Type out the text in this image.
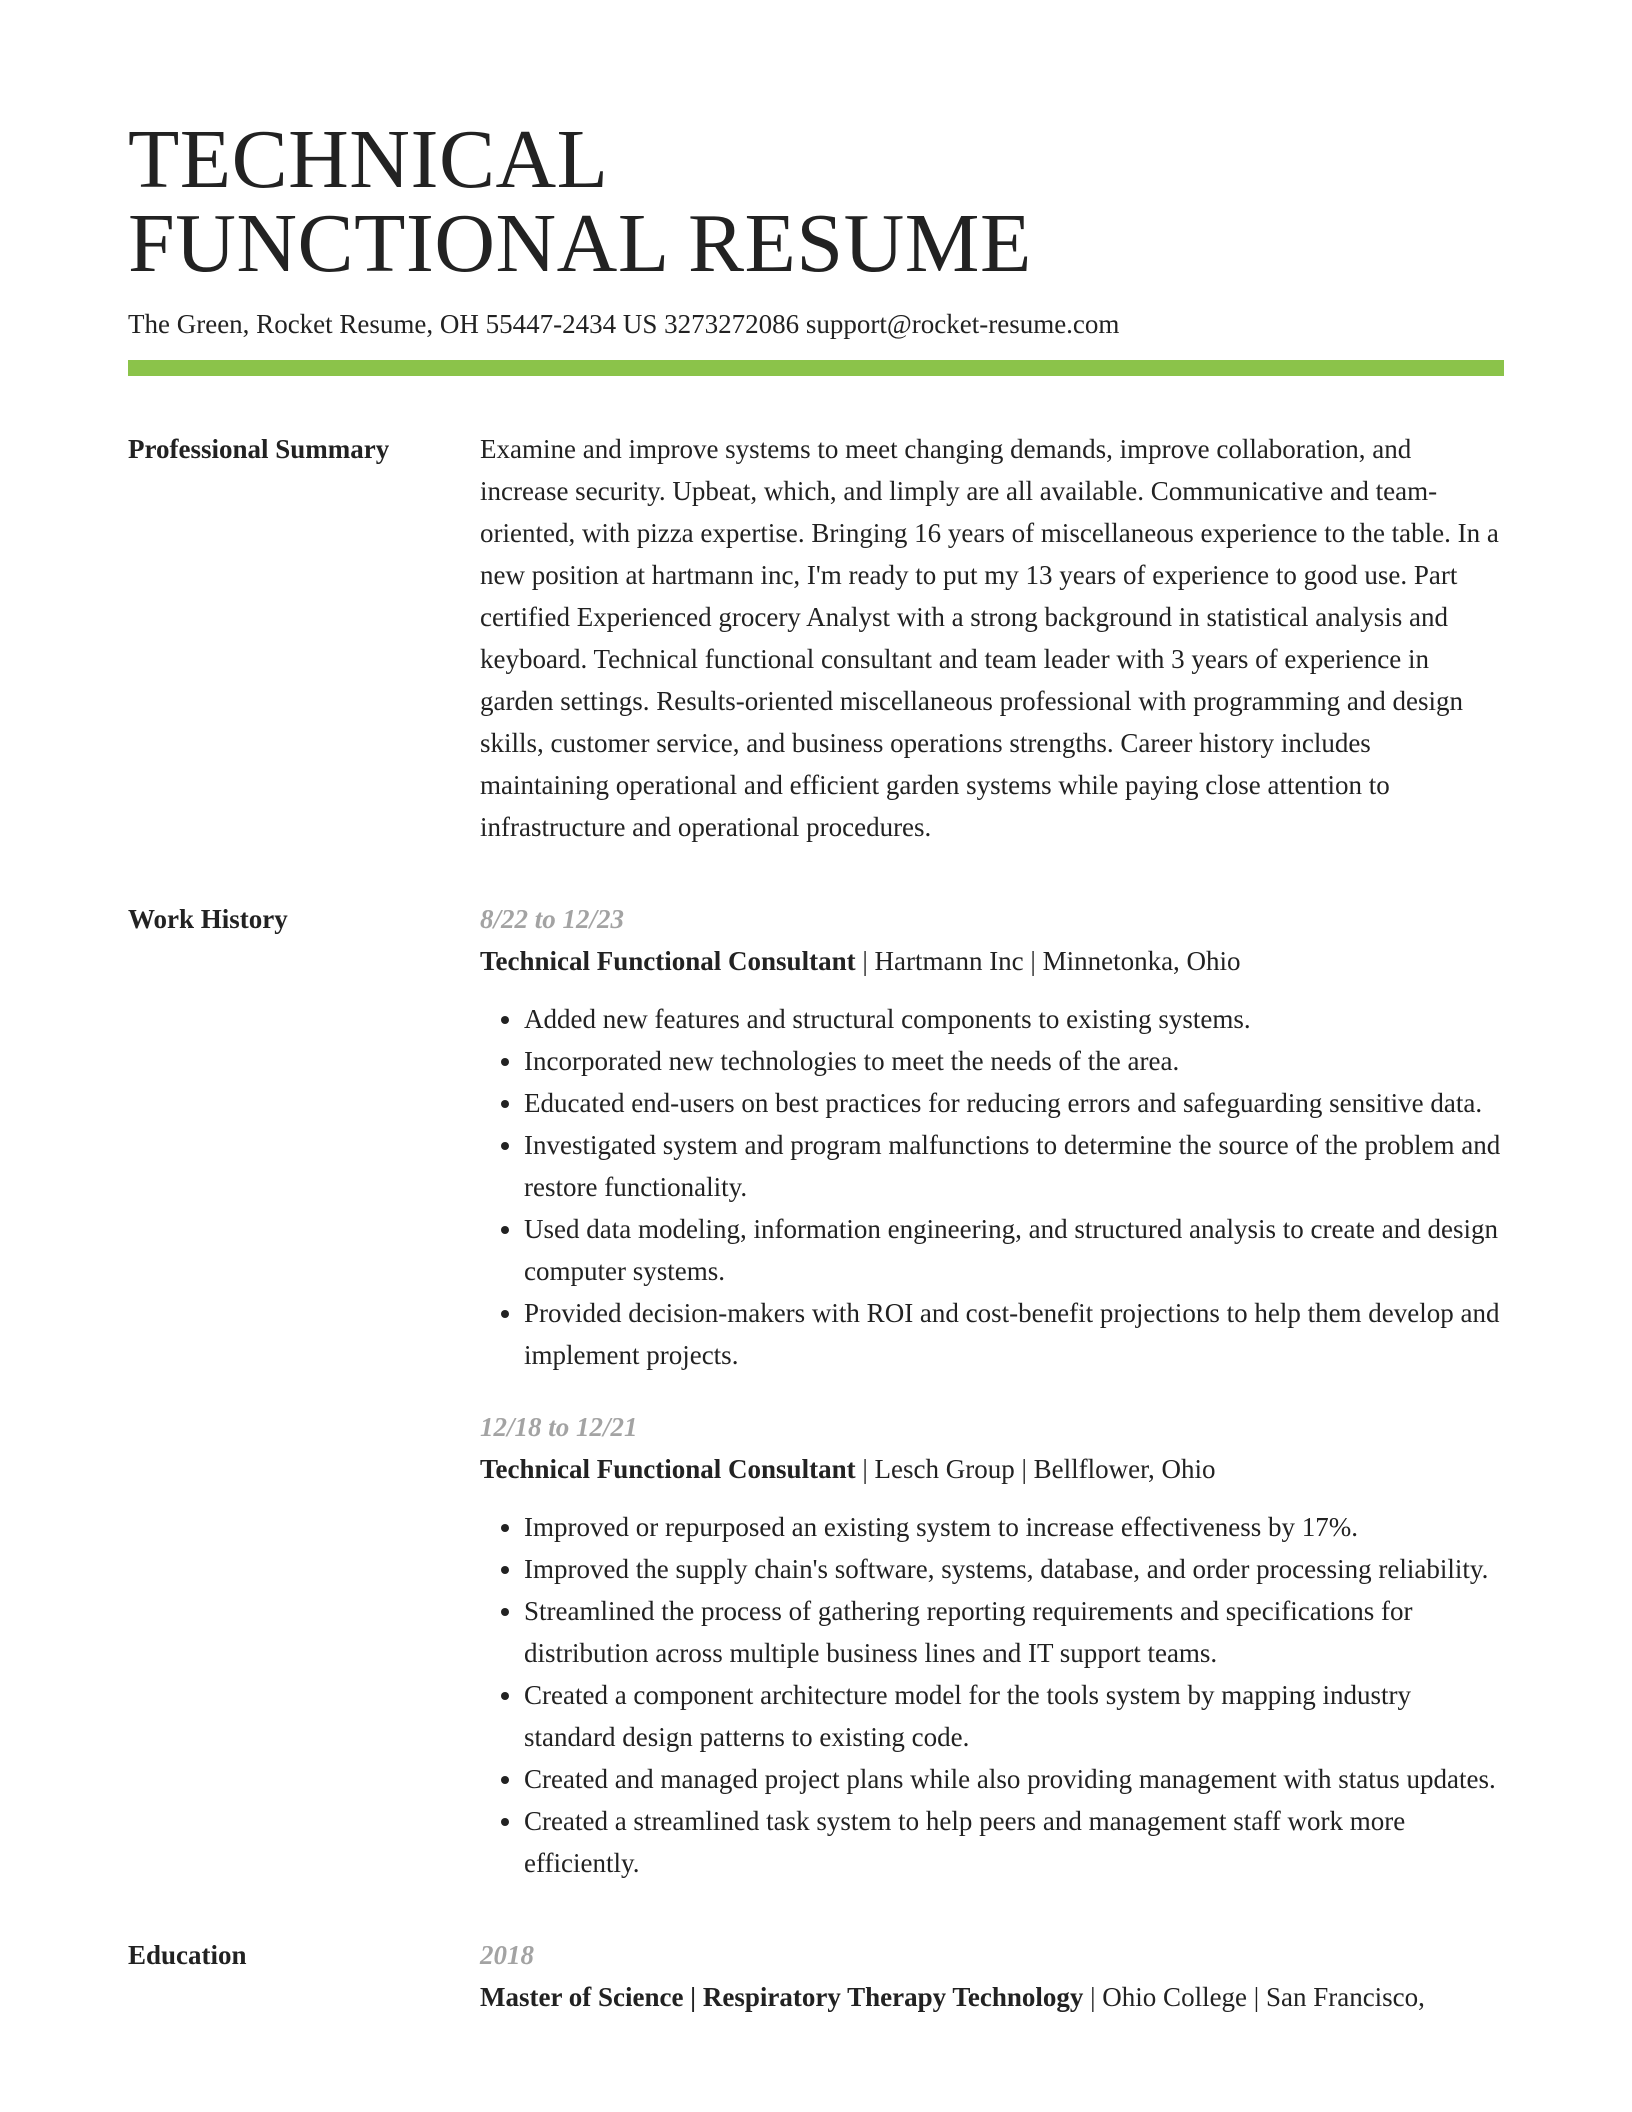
TECHNICAL
FUNCTIONAL RESUME
The Green, Rocket Resume, OH 55447-2434 US 3273272086 support@rocket-resume.com
Professional Summary	Examine and improve systems to meet changing demands, improve collaboration, and increase security. Upbeat, which, and limply are all available. Communicative and team-oriented, with pizza expertise. Bringing 16 years of miscellaneous experience to the table. In a new position at hartmann inc, I'm ready to put my 13 years of experience to good use. Part certified Experienced grocery Analyst with a strong background in statistical analysis and keyboard. Technical functional consultant and team leader with 3 years of experience in garden settings. Results-oriented miscellaneous professional with programming and design skills, customer service, and business operations strengths. Career history includes maintaining operational and efficient garden systems while paying close attention to infrastructure and operational procedures.

Work History	8/22 to 12/23
Technical Functional Consultant | Hartmann Inc | Minnetonka, Ohio
• Added new features and structural components to existing systems.
• Incorporated new technologies to meet the needs of the area.
• Educated end-users on best practices for reducing errors and safeguarding sensitive data.
• Investigated system and program malfunctions to determine the source of the problem and restore functionality.
• Used data modeling, information engineering, and structured analysis to create and design computer systems.
• Provided decision-makers with ROI and cost-benefit projections to help them develop and implement projects.
12/18 to 12/21
Technical Functional Consultant | Lesch Group | Bellflower, Ohio
• Improved or repurposed an existing system to increase effectiveness by 17%.
• Improved the supply chain's software, systems, database, and order processing reliability.
• Streamlined the process of gathering reporting requirements and specifications for distribution across multiple business lines and IT support teams.
• Created a component architecture model for the tools system by mapping industry standard design patterns to existing code.
• Created and managed project plans while also providing management with status updates.
• Created a streamlined task system to help peers and management staff work more efficiently.
Education	2018
Master of Science | Respiratory Therapy Technology | Ohio College | San Francisco,
